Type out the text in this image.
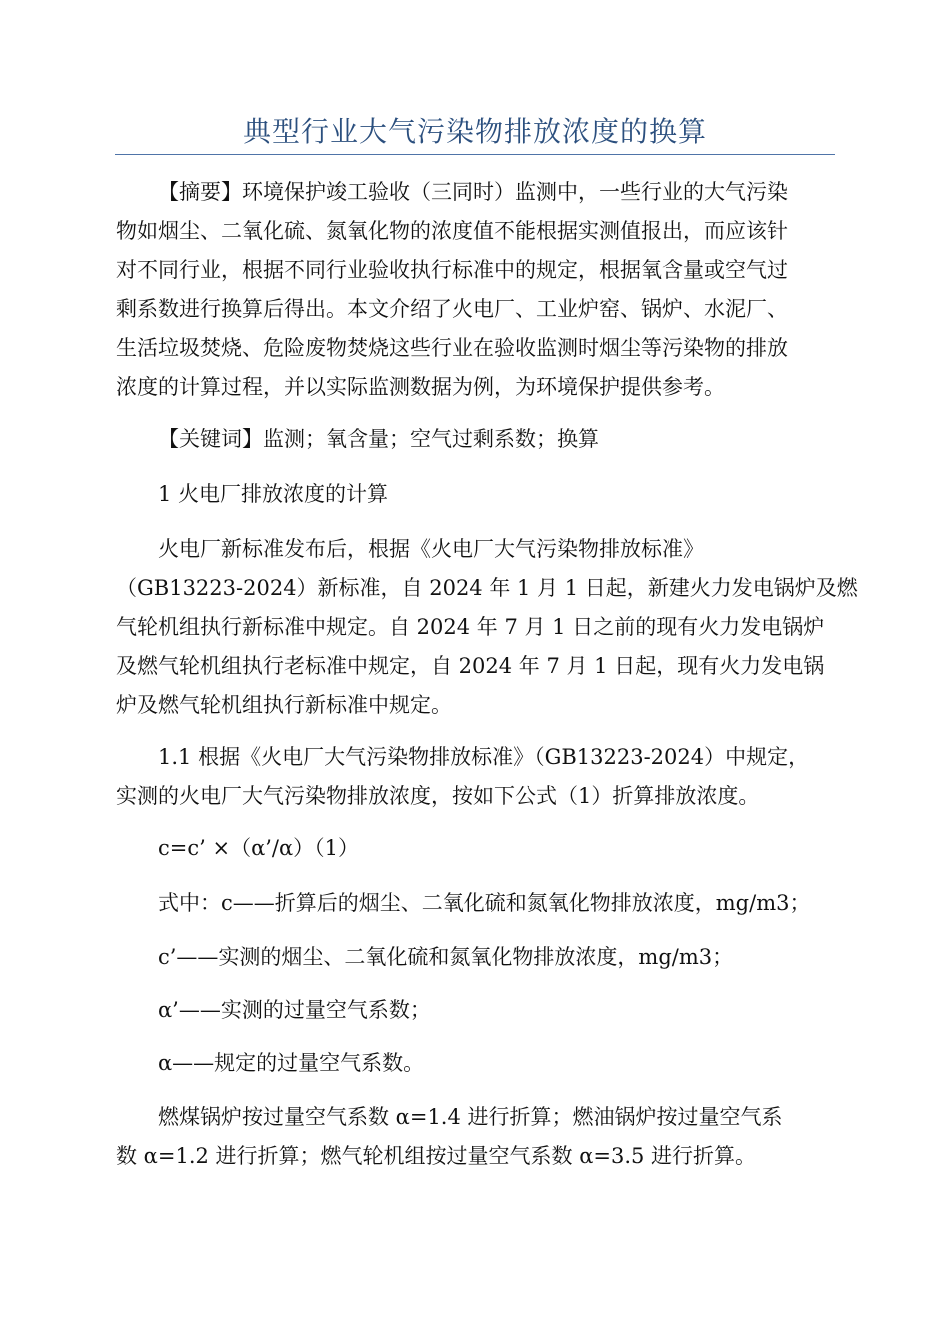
典型行业大气污染物排放浓度的换算
【摘要】环境保护竣工验收（三同时）监测中，一些行业的大气污染
物如烟尘、二氧化硫、氮氧化物的浓度值不能根据实测值报出，而应该针
对不同行业，根据不同行业验收执行标准中的规定，根据氧含量或空气过
剩系数进行换算后得出。本文介绍了火电厂、工业炉窑、锅炉、水泥厂、
生活垃圾焚烧、危险废物焚烧这些行业在验收监测时烟尘等污染物的排放
浓度的计算过程，并以实际监测数据为例，为环境保护提供参考。
【关键词】监测；氧含量；空气过剩系数；换算
1 火电厂排放浓度的计算
火电厂新标准发布后，根据《火电厂大气污染物排放标准》
（GB13223-2024）新标准，自 2024 年 1 月 1 日起，新建火力发电锅炉及燃
气轮机组执行新标准中规定。自 2024 年 7 月 1 日之前的现有火力发电锅炉
及燃气轮机组执行老标准中规定，自 2024 年 7 月 1 日起，现有火力发电锅
炉及燃气轮机组执行新标准中规定。
1.1 根据《火电厂大气污染物排放标准》（GB13223-2024）中规定，
实测的火电厂大气污染物排放浓度，按如下公式（1）折算排放浓度。
c=c’ ×（α’/α）（1）
式中：c——折算后的烟尘、二氧化硫和氮氧化物排放浓度，mg/m3；
c’——实测的烟尘、二氧化硫和氮氧化物排放浓度，mg/m3；
α’——实测的过量空气系数；
α——规定的过量空气系数。
燃煤锅炉按过量空气系数 α=1.4 进行折算；燃油锅炉按过量空气系
数 α=1.2 进行折算；燃气轮机组按过量空气系数 α=3.5 进行折算。
